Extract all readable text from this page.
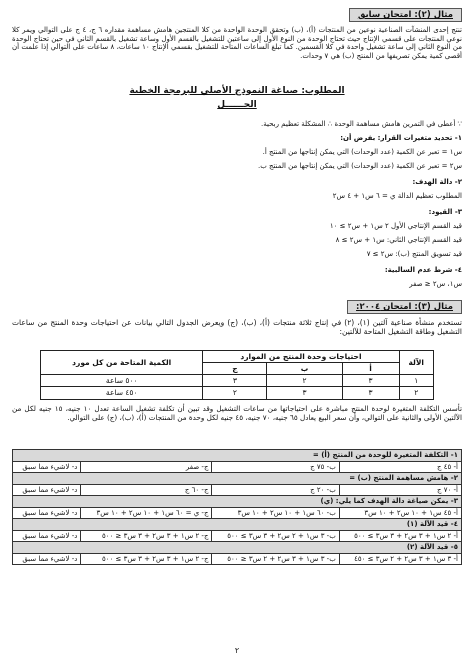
مثال (٢): امتحان سابق
تنتج إحدى المنشآت الصناعية نوعين من المنتجات (أ)، (ب) وتحقق الوحدة الواحدة من كلا المنتجين هامش مساهمة مقداره ٦ ج، ٤ ج على التوالي ويمر كلا نوعي المنتجات على قسمي الإنتاج حيث تحتاج الوحدة من النوع الأول إلى ساعتين للتشغيل بالقسم الأول وساعة تشغيل بالقسم الثاني في حين تحتاج الوحدة من النوع الثاني إلى ساعة تشغيل واحدة في كلا القسمين. كما تبلغ الساعات المتاحة للتشغيل بقسمي الإنتاج ١٠ ساعات، ٨ ساعات على التوالي إذا علمت أن أقصى كمية يمكن تصريفها من المنتج (ب) هي ٧ وحدات.
المطلوب: صياغة النموذج الأصلي للبرمجة الخطية
الحــــــل
∵ أعطى في التمرين هامش مساهمة الوحدة ∴ المشكلة تعظيم ربحية.
١- تحديد متغيرات القرار: بفرض أن:
س١ = تعبر عن الكمية (عدد الوحدات) التي يمكن إنتاجها من المنتج أ.
س٢ = تعبر عن الكمية (عدد الوحدات) التي يمكن إنتاجها من المنتج ب.
٢- دالة الهدف:
المطلوب تعظيم الدالة ي = ٦ س١ + ٤ س٢
٣- القيود:
قيد القسم الإنتاجي الأول ٢ س١ + س٢ ≥ ١٠
قيد القسم الإنتاجي الثاني: س١ + س٢ ≥ ٨
قيد تسويق المنتج (ب): س٢ ≥ ٧
٤- شرط عدم السالبية:
س١، س٢ ≤ صفر
مثال (٣): امتحان ٢٠٠٤:
تستخدم منشأة صناعية آلتين (١)، (٢) في إنتاج ثلاثة منتجات (أ)، (ب)، (ج) ويعرض الجدول التالي بيانات عن احتياجات وحدة المنتج من ساعات التشغيل وطاقة التشغيل المتاحة للآلتين:
الآلة	احتياجات وحدة المنتج من الموارد			الكمية المتاحة من كل مورد
	أ	ب	ج	
١	٣	٢	٣	٥٠٠ ساعة
٢	٣	٣	٢	٤٥٠ ساعة
تأسس التكلفة المتغيرة لوحدة المنتج مباشرة على احتياجاتها من ساعات التشغيل وقد تبين أن تكلفة تشغيل الساعة تعدل ١٠ جنيه، ١٥ جنيه لكل من الآلتين الأولى والثانية على التوالي، وأن سعر البيع يعادل ٦٥ جنيه، ٧٠ جنيه، ٤٥ جنيه لكل وحدة من المنتجات (أ)، (ب)، (ج) على التوالي.
١- التكلفة المتغيرة للوحدة من المنتج (أ) =			
أ- ٤٥ ج	ب- ٧٥ ج	ج- صفر	د- لاشيء مما سبق
٢- هامش مساهمة المنتج (ب) =			
أ- ٧٠ ج	ب- ٢٠ ج	ج- ٦٠ ج	د- لاشيء مما سبق
٣- يمكن صياغة دالة الهدف كما يلي: (ي)			
أ- ٤٥ س١ + ١٠ س٢ + ١٠ س٣	ب- ٦٠ س١ + ١٠ س٢ + ١٠ س٣	ج- ي = ٦٠ س١ + ١٠ س٢ + ١٠ س٣	د- لاشيء مما سبق
٤- قيد الآلة (١)			
أ- ٢ س١ + ٣ س٢ + ٣ س٣ ≥ ٥٠٠	ب- ٣ س١ + ٢ س٢ + ٣ س٣ ≥ ٥٠٠	ج- ٢ س١ + ٣ س٢ + ٣ س٣ ≤ ٥٠٠	د- لاشيء مما سبق
٥- قيد الآلة (٢)			
أ- ٣ س١ + ٣ س٢ + ٢ س٣ ≥ ٤٥٠	ب- ٣ س١ + ٣ س٢ + ٢ س٣ ≤ ٥٠٠	ج- ٢ س١ + ٣ س٢ + ٣ س٣ ≥ ٥٠٠	د- لاشيء مما سبق
٢
